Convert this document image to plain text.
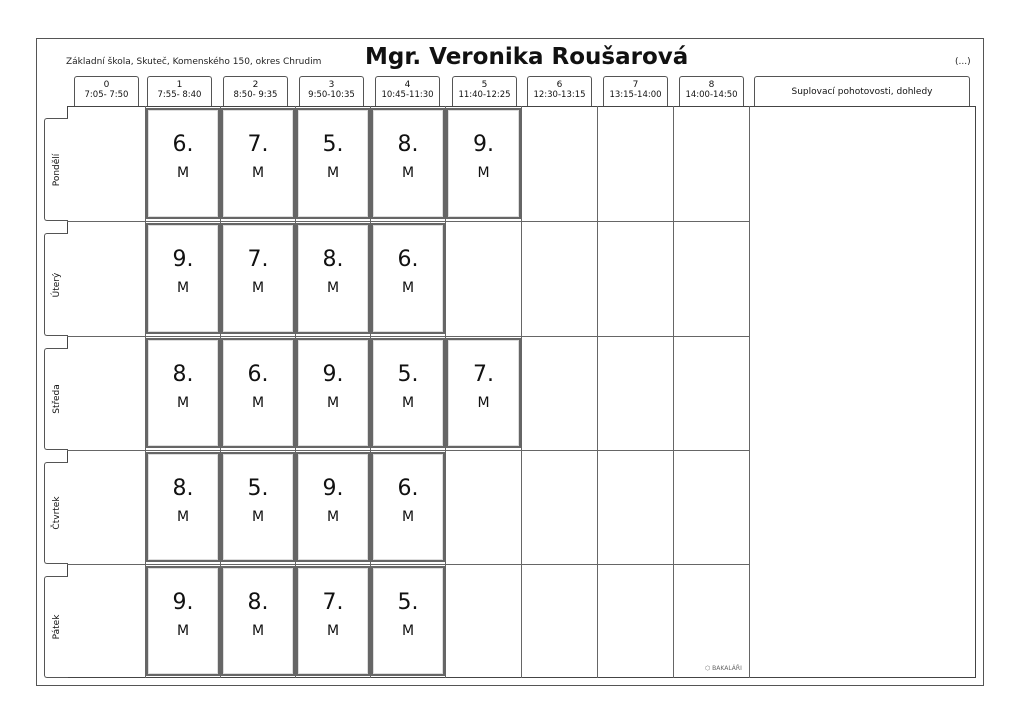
Základní škola, Skuteč, Komenského 150, okres Chrudim Mgr. Veronika Roušarová	(...)
0
7:05- 7:50
1
7:55- 8:40
2
8:50- 9:35
3
9:50-10:35
4
10:45-11:30
5
11:40-12:25
6
12:30-13:15
7
13:15-14:00
8
14:00-14:50	Suplovací pohotovosti, dohledy
Pondělí
Úterý
Středa
Čtvrtek
Pátek
6.
M
7.
M
5.
M
8.
M
9.
M
9.
M
7.
M
8.
M
6.
M
8.
M
6.
M
9.
M
5.
M
7.
M
8.
M
5.
M
9.
M
6.
M
9.
M
8.
M
7.
M
5.
M
⬡ BAKALÁŘI
